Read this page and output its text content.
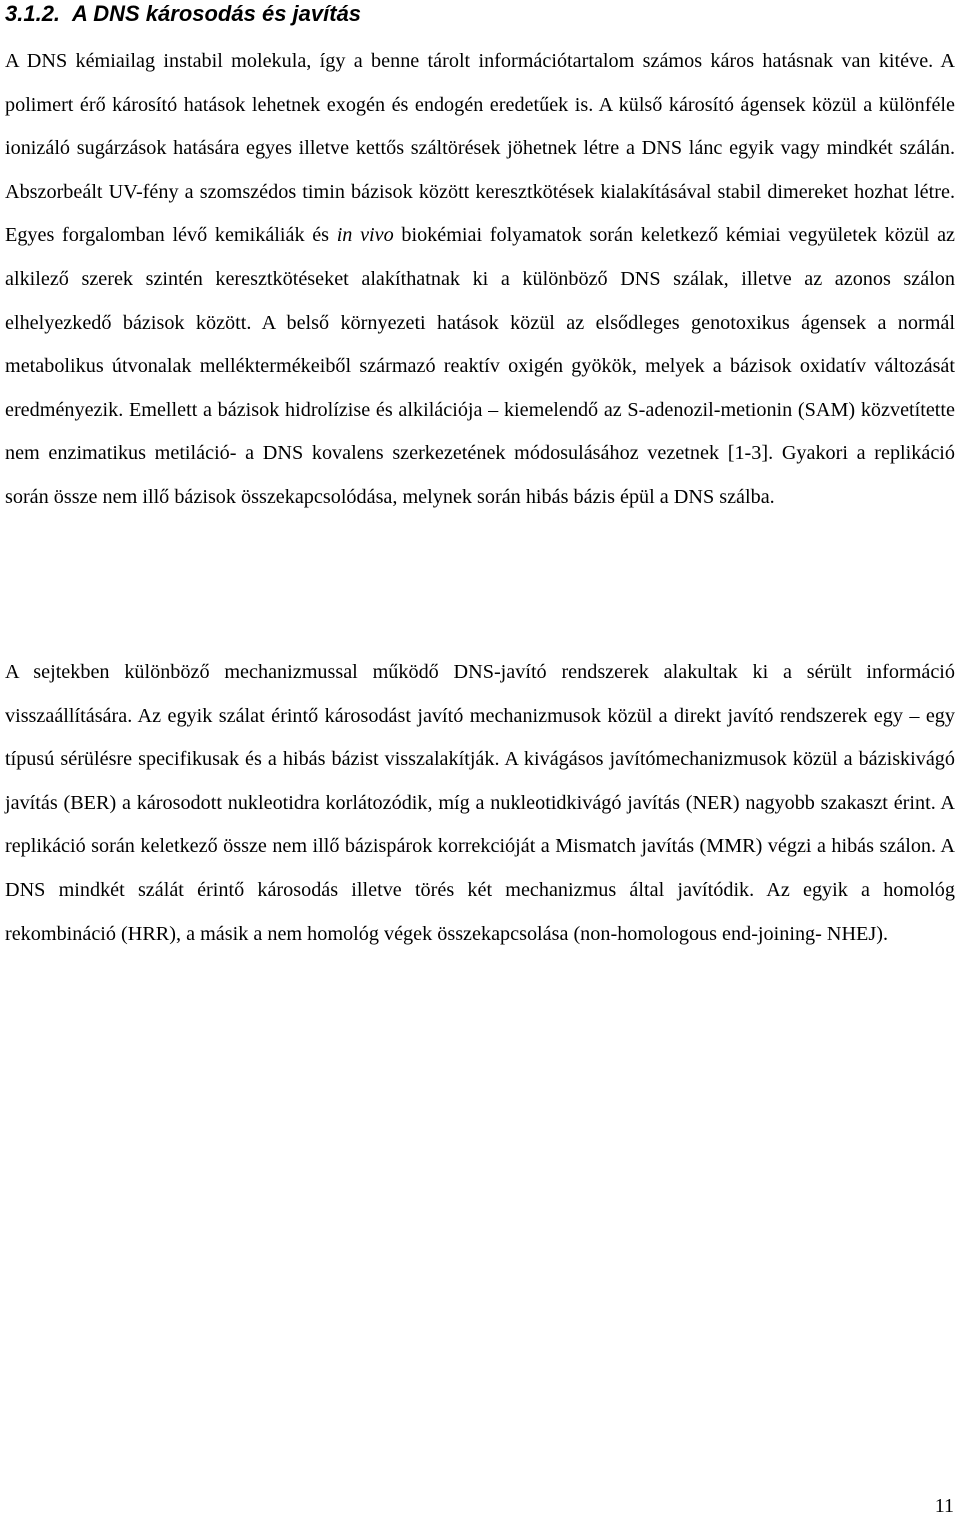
3.1.2. A DNS károsodás és javítás

A DNS kémiailag instabil molekula, így a benne tárolt információtartalom számos káros hatásnak van kitéve. A polimert érő károsító hatások lehetnek exogén és endogén eredetűek is. A külső károsító ágensek közül a különféle ionizáló sugárzások hatására egyes illetve kettős száltörések jöhetnek létre a DNS lánc egyik vagy mindkét szálán. Abszorbeált UV-fény a szomszédos timin bázisok között keresztkötések kialakításával stabil dimereket hozhat létre. Egyes forgalomban lévő kemikáliák és in vivo biokémiai folyamatok során keletkező kémiai vegyületek közül az alkilező szerek szintén keresztkötéseket alakíthatnak ki a különböző DNS szálak, illetve az azonos szálon elhelyezkedő bázisok között. A belső környezeti hatások közül az elsődleges genotoxikus ágensek a normál metabolikus útvonalak melléktermékeiből származó reaktív oxigén gyökök, melyek a bázisok oxidatív változását eredményezik. Emellett a bázisok hidrolízise és alkilációja – kiemelendő az S-adenozil-metionin (SAM) közvetítette nem enzimatikus metiláció- a DNS kovalens szerkezetének módosulásához vezetnek [1-3]. Gyakori a replikáció során össze nem illő bázisok összekapcsolódása, melynek során hibás bázis épül a DNS szálba.

A sejtekben különböző mechanizmussal működő DNS-javító rendszerek alakultak ki a sérült információ visszaállítására. Az egyik szálat érintő károsodást javító mechanizmusok közül a direkt javító rendszerek egy – egy típusú sérülésre specifikusak és a hibás bázist visszalakítják. A kivágásos javítómechanizmusok közül a báziskivágó javítás (BER) a károsodott nukleotidra korlátozódik, míg a nukleotidkivágó javítás (NER) nagyobb szakaszt érint. A replikáció során keletkező össze nem illő bázispárok korrekcióját a Mismatch javítás (MMR) végzi a hibás szálon. A DNS mindkét szálát érintő károsodás illetve törés két mechanizmus által javítódik. Az egyik a homológ rekombináció (HRR), a másik a nem homológ végek összekapcsolása (non-homologous end-joining- NHEJ).

11
